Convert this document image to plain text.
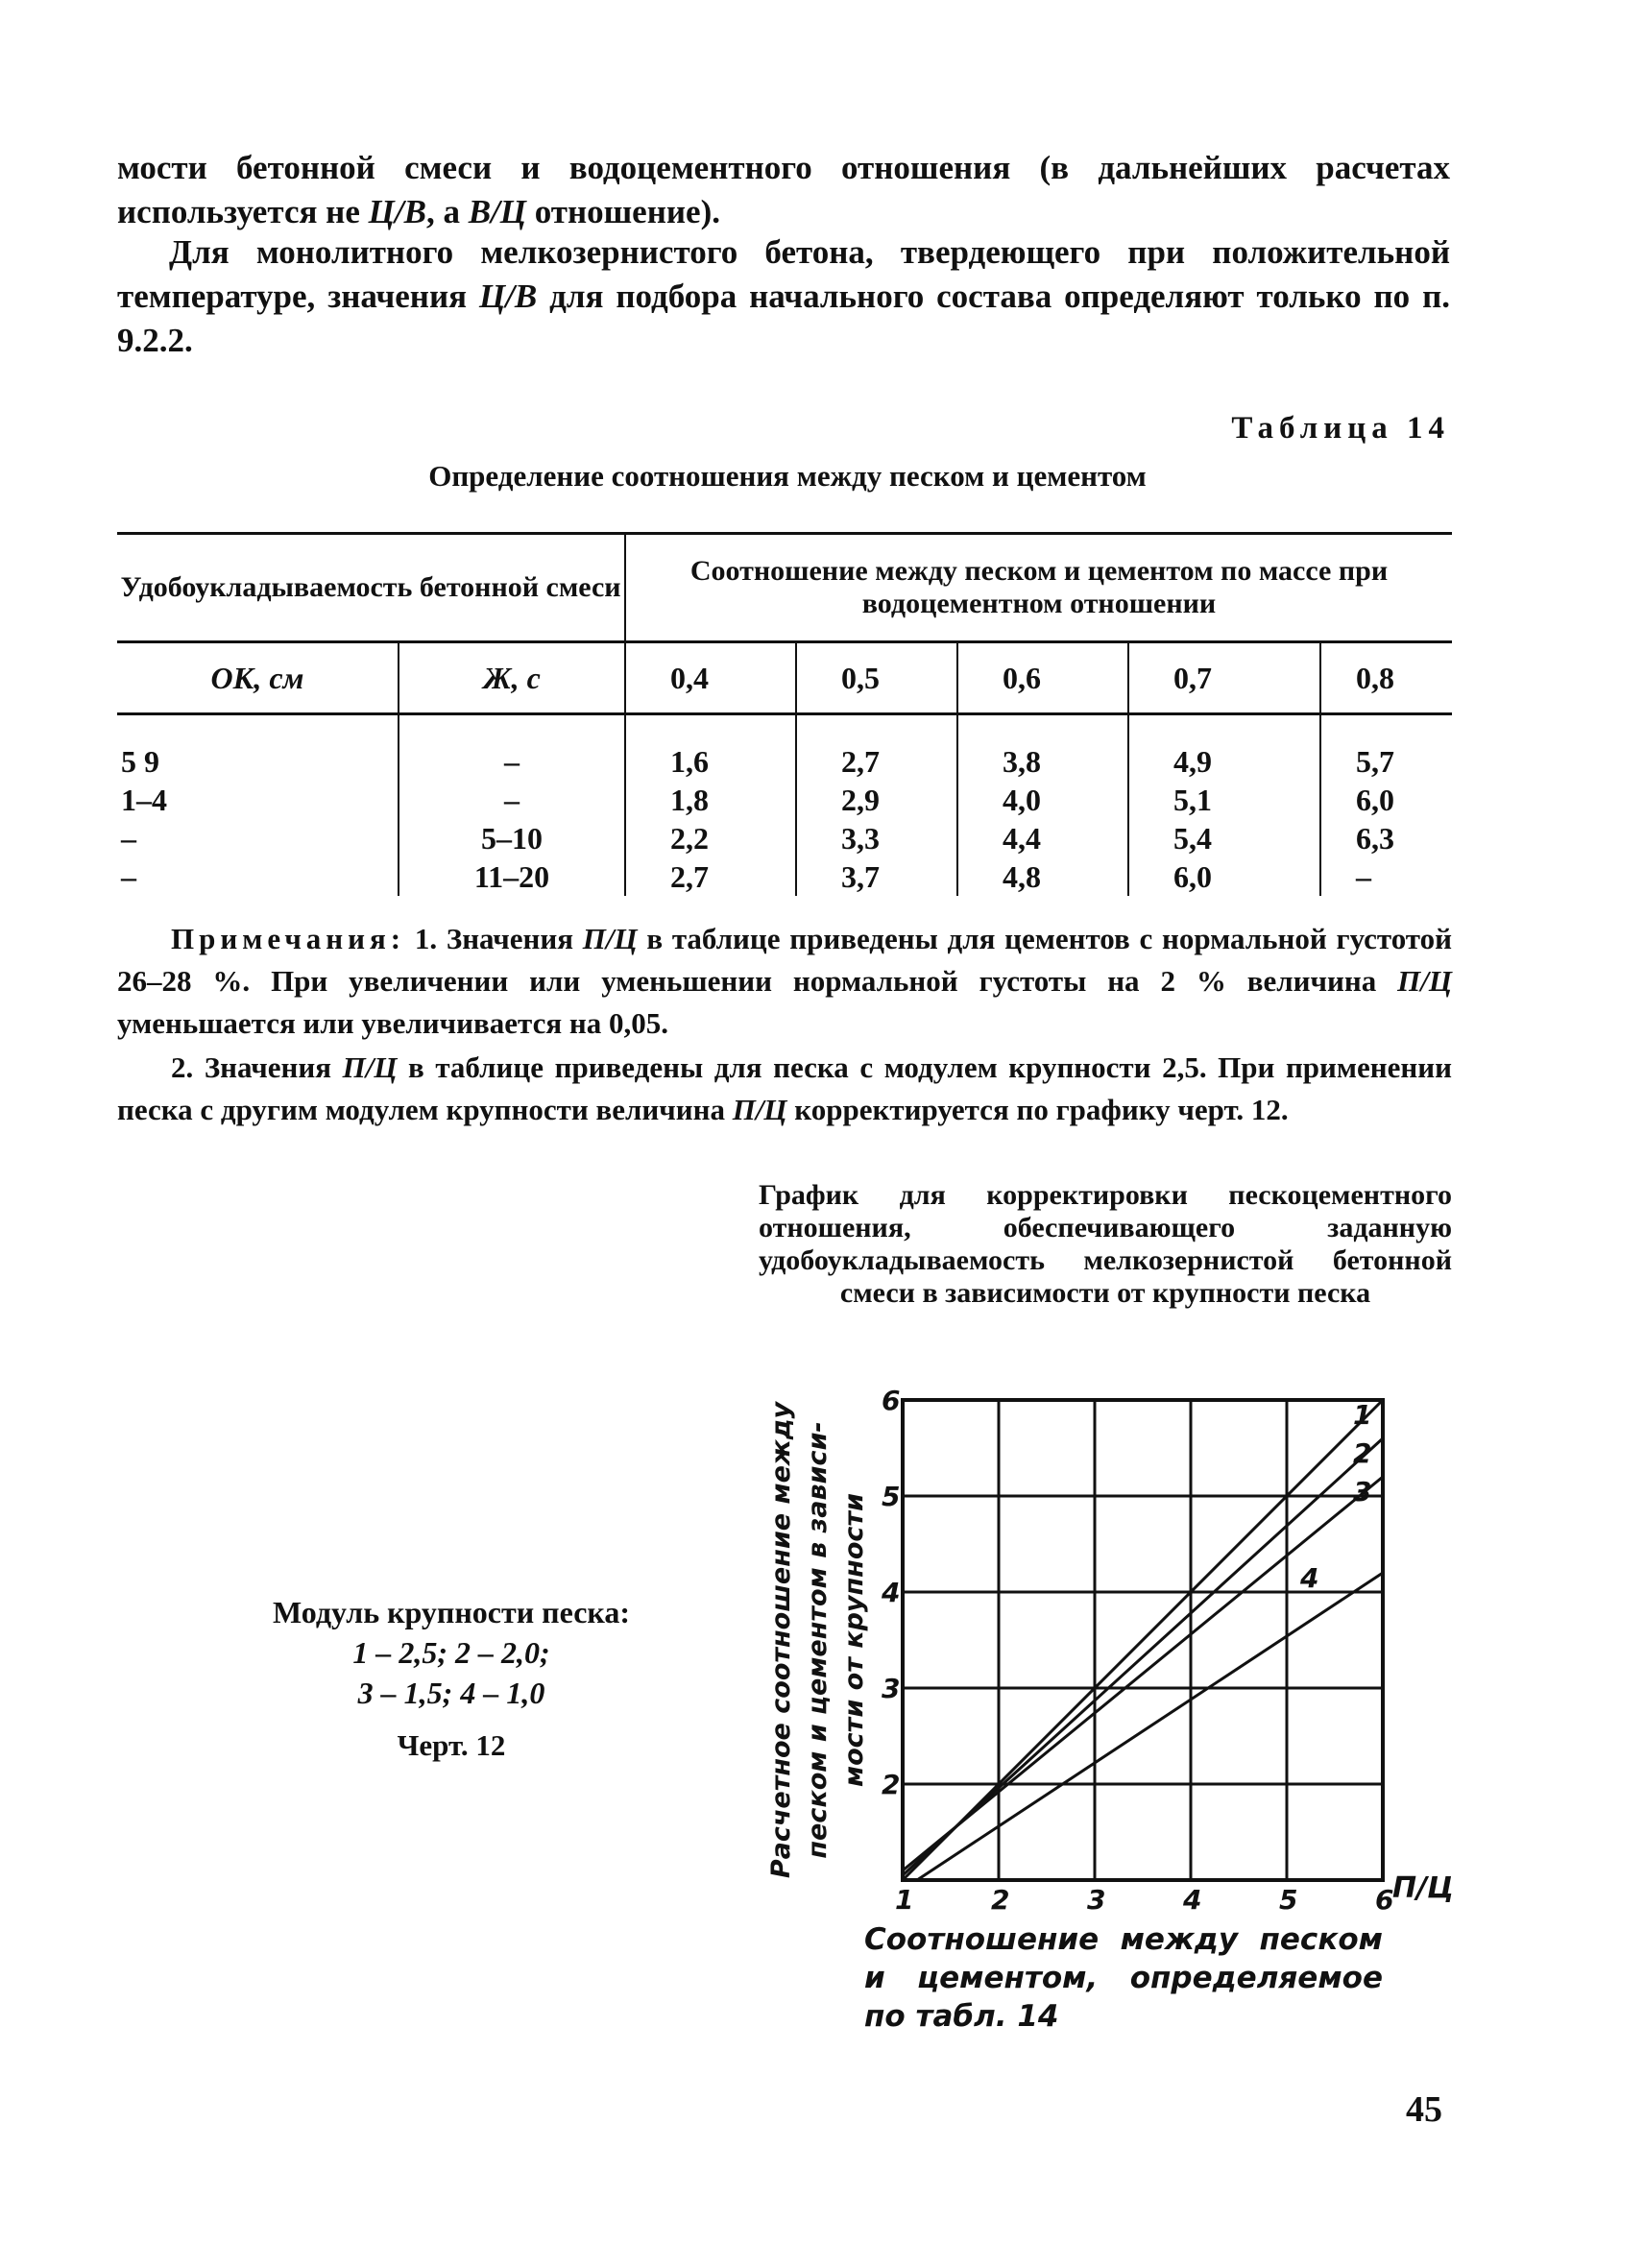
мости бетонной смеси и водоцементного отношения (в дальнейших расчетах используется не Ц/В, а В/Ц отношение).

Для монолитного мелкозернистого бетона, твердеющего при положительной температуре, значения Ц/В для подбора начального состава определяют только по п. 9.2.2.

Таблица 14
Определение соотношения между песком и цементом
Удобоукладываемость бетонной смеси		Соотношение между песком и цементом по массе при водоцементном отношении				
ОК, см	Ж, с	0,4	0,5	0,6	0,7	0,8
5 9	–	1,6	2,7	3,8	4,9	5,7
1–4	–	1,8	2,9	4,0	5,1	6,0
–	5–10	2,2	3,3	4,4	5,4	6,3
–	11–20	2,7	3,7	4,8	6,0	–

Примечания: 1. Значения П/Ц в таблице приведены для цементов с нормальной густотой 26–28 %. При увеличении или уменьшении нормальной густоты на 2 % величина П/Ц уменьшается или увеличивается на 0,05.

2. Значения П/Ц в таблице приведены для песка с модулем крупности 2,5. При применении песка с другим модулем крупности величина П/Ц корректируется по графику черт. 12.

График для корректировки пескоцементного отношения, обеспечивающего заданную удобоукладываемость мелкозернистой бетонной смеси в зависимости от крупности песка
Модуль крупности песка:
1 – 2,5; 2 – 2,0;
3 – 1,5; 4 – 1,0
Черт. 12
1
2
3
4
1	2	3	4	5	6
2
3
4
5
6
П/Ц
Расчетное соотношение между песком и цементом в зависи- мости от крупности
Соотношение между песком и цементом, определяемое по табл. 14
45
